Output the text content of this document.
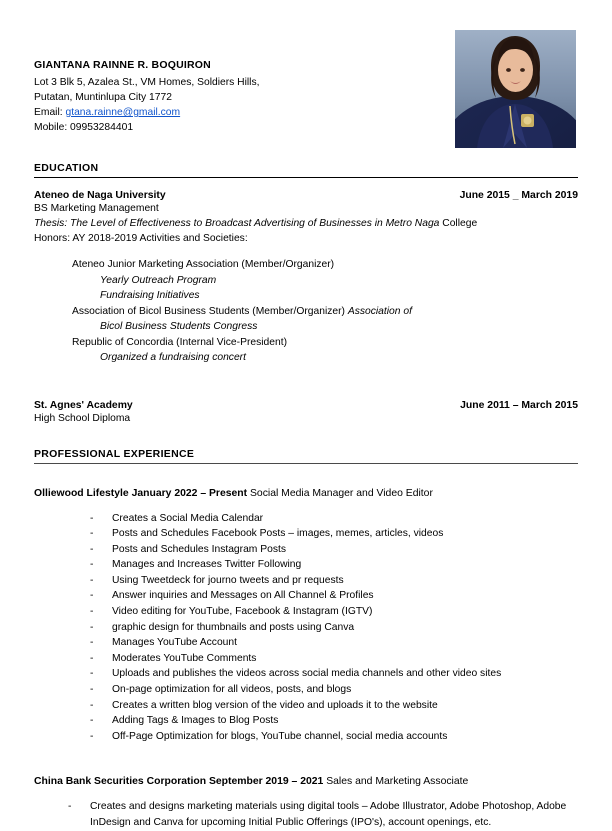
GIANTANA RAINNE R. BOQUIRON
Lot 3 Blk 5, Azalea St., VM Homes, Soldiers Hills,
Putatan, Muntinlupa City 1772
Email: gtana.rainne@gmail.com
Mobile: 09953284401
EDUCATION
Ateneo de Naga University	June 2015 _ March 2019
BS Marketing Management
Thesis: The Level of Effectiveness to Broadcast Advertising of Businesses in Metro Naga College
Honors: AY 2018-2019 Activities and Societies:
Ateneo Junior Marketing Association (Member/Organizer)
Yearly Outreach Program
Fundraising Initiatives
Association of Bicol Business Students (Member/Organizer) Association of
Bicol Business Students Congress
Republic of Concordia (Internal Vice-President)
Organized a fundraising concert
St. Agnes' Academy	June 2011 – March 2015
High School Diploma
PROFESSIONAL EXPERIENCE
Olliewood Lifestyle January 2022 – Present Social Media Manager and Video Editor
- Creates a Social Media Calendar
- Posts and Schedules Facebook Posts – images, memes, articles, videos
- Posts and Schedules Instagram Posts
- Manages and Increases Twitter Following
- Using Tweetdeck for journo tweets and pr requests
- Answer inquiries and Messages on All Channel & Profiles
- Video editing for YouTube, Facebook & Instagram (IGTV)
- graphic design for thumbnails and posts using Canva
- Manages YouTube Account
- Moderates YouTube Comments
- Uploads and publishes the videos across social media channels and other video sites
- On-page optimization for all videos, posts, and blogs
- Creates a written blog version of the video and uploads it to the website
- Adding Tags & Images to Blog Posts
- Off-Page Optimization for blogs, YouTube channel, social media accounts
China Bank Securities Corporation September 2019 – 2021 Sales and Marketing Associate
- Creates and designs marketing materials using digital tools – Adobe Illustrator, Adobe Photoshop, Adobe InDesign and Canva for upcoming Initial Public Offerings (IPO's), account openings, etc.
